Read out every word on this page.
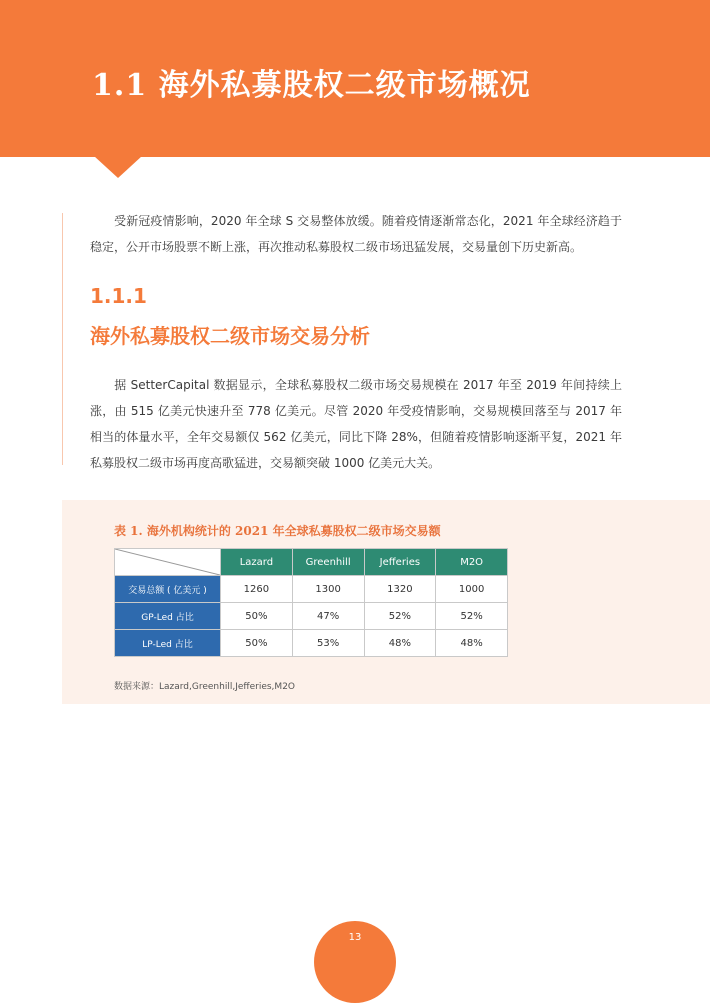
1.1 海外私募股权二级市场概况

受新冠疫情影响，2020 年全球 S 交易整体放缓。随着疫情逐渐常态化，2021 年全球经济趋于稳定，公开市场股票不断上涨，再次推动私募股权二级市场迅猛发展，交易量创下历史新高。

1.1.1
海外私募股权二级市场交易分析

据 SetterCapital 数据显示，全球私募股权二级市场交易规模在 2017 年至 2019 年间持续上涨，由 515 亿美元快速升至 778 亿美元。尽管 2020 年受疫情影响，交易规模回落至与 2017 年相当的体量水平，全年交易额仅 562 亿美元，同比下降 28%，但随着疫情影响逐渐平复，2021 年私募股权二级市场再度高歌猛进，交易额突破 1000 亿美元大关。

表 1. 海外机构统计的 2021 年全球私募股权二级市场交易额

	Lazard	Greenhill	Jefferies	M2O
交易总额 ( 亿美元 )	1260	1300	1320	1000
GP-Led 占比	50%	47%	52%	52%
LP-Led 占比	50%	53%	48%	48%

数据来源：Lazard,Greenhill,Jefferies,M2O

13
